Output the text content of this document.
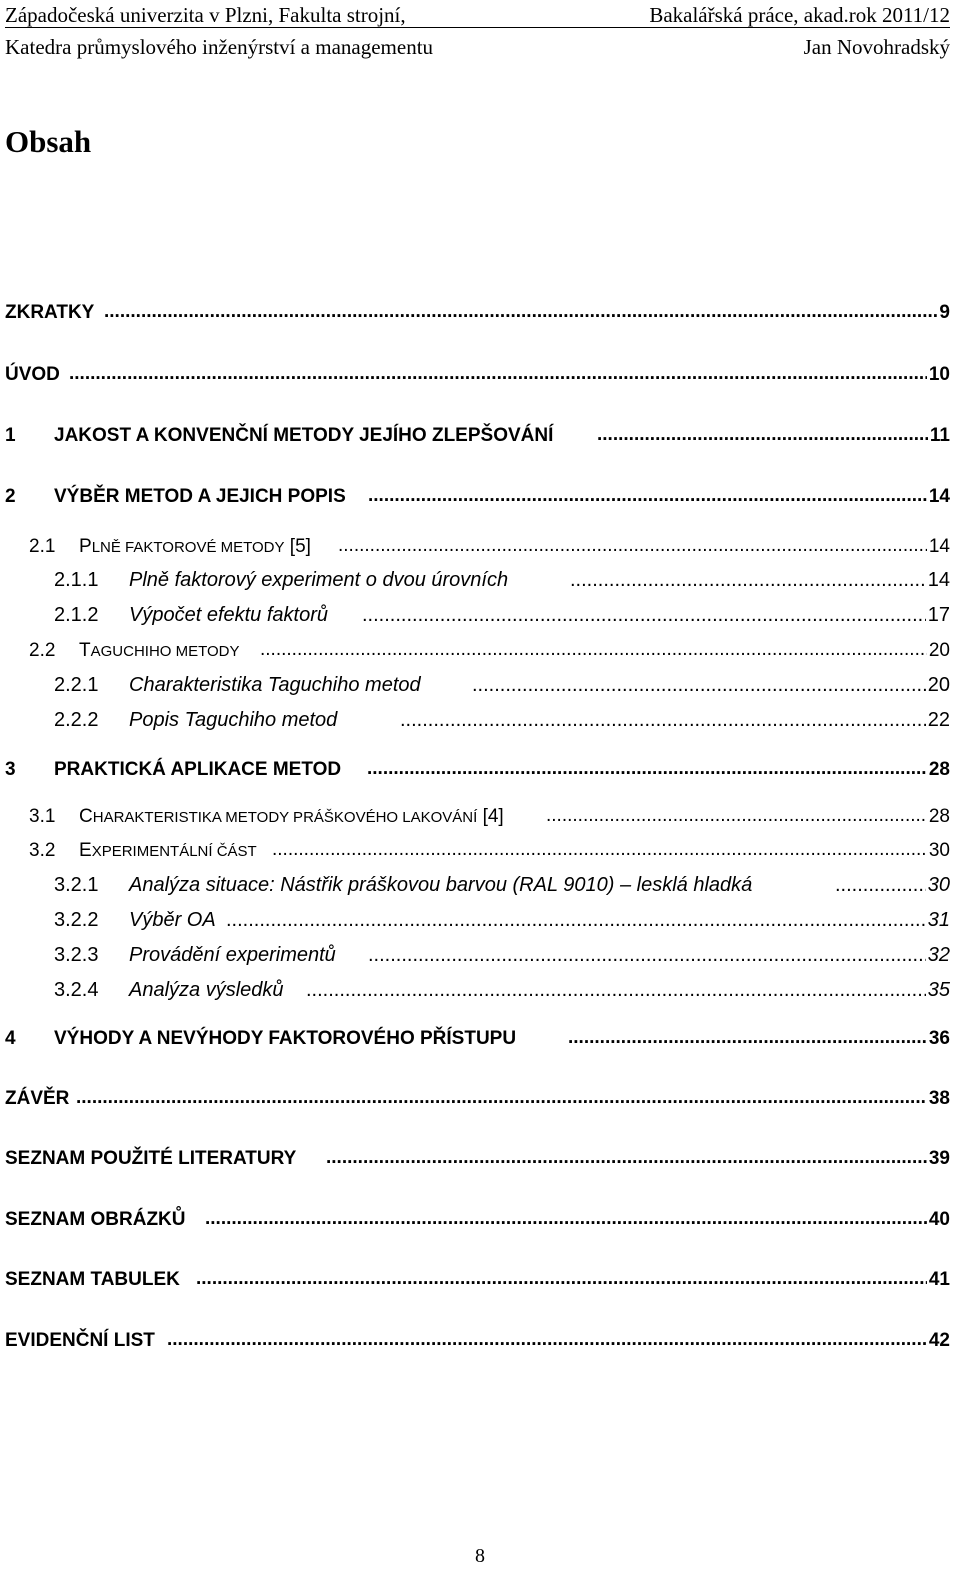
Západočeská univerzita v Plzni, Fakulta strojní,	Bakalářská práce, akad.rok 2011/12
Katedra průmyslového inženýrství a managementu	Jan Novohradský
Obsah
ZKRATKY .....	9
ÚVOD .....	10
1 JAKOST A KONVENČNÍ METODY JEJÍHO ZLEPŠOVÁNÍ .....	11
2 VÝBĚR METOD A JEJICH POPIS .....	14
2.1 PLNĚ FAKTOROVÉ METODY [5] .....	14
2.1.1 Plně faktorový experiment o dvou úrovních .....	14
2.1.2 Výpočet efektu faktorů .....	17
2.2 TAGUCHIHO METODY .....	20
2.2.1 Charakteristika Taguchiho metod .....	20
2.2.2 Popis Taguchiho metod .....	22
3 PRAKTICKÁ APLIKACE METOD .....	28
3.1 CHARAKTERISTIKA METODY PRÁŠKOVÉHO LAKOVÁNÍ [4] .....	28
3.2 EXPERIMENTÁLNÍ ČÁST .....	30
3.2.1 Analýza situace: Nástřik práškovou barvou (RAL 9010) – lesklá hladká .....	30
3.2.2 Výběr OA .....	31
3.2.3 Provádění experimentů .....	32
3.2.4 Analýza výsledků .....	35
4 VÝHODY A NEVÝHODY FAKTOROVÉHO PŘÍSTUPU .....	36
ZÁVĚR .....	38
SEZNAM POUŽITÉ LITERATURY .....	39
SEZNAM OBRÁZKŮ .....	40
SEZNAM TABULEK .....	41
EVIDENČNÍ LIST .....	42
8
